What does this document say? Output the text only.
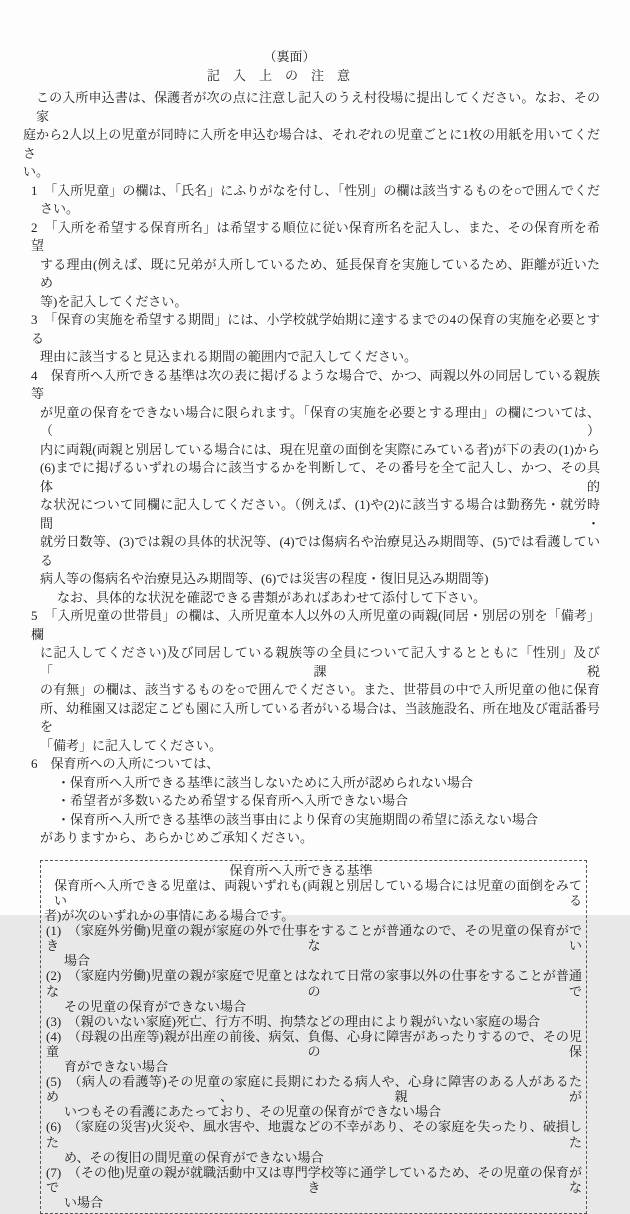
（裏面）
記　入　上　の　注　意
この入所申込書は、保護者が次の点に注意し記入のうえ村役場に提出してください。なお、その家
庭から2人以上の児童が同時に入所を申込む場合は、それぞれの児童ごとに1枚の用紙を用いてくださ
い。
1　「入所児童」の欄は、「氏名」にふりがなを付し、「性別」の欄は該当するものを○で囲んでくだ
さい。
2　「入所を希望する保育所名」は希望する順位に従い保育所名を記入し、また、その保育所を希望
する理由(例えば、既に兄弟が入所しているため、延長保育を実施しているため、距離が近いため
等)を記入してください。
3　「保育の実施を希望する期間」には、小学校就学始期に達するまでの4の保育の実施を必要とする
理由に該当すると見込まれる期間の範囲内で記入してください。
4　保育所へ入所できる基準は次の表に掲げるような場合で、かつ、両親以外の同居している親族等
が児童の保育をできない場合に限られます。「保育の実施を必要とする理由」の欄については、（　）
内に両親(両親と別居している場合には、現在児童の面倒を実際にみている者)が下の表の(1)から
(6)までに掲げるいずれの場合に該当するかを判断して、その番号を全て記入し、かつ、その具体的
な状況について同欄に記入してください。（例えば、(1)や(2)に該当する場合は勤務先・就労時間・
就労日数等、(3)では親の具体的状況等、(4)では傷病名や治療見込み期間等、(5)では看護している
病人等の傷病名や治療見込み期間等、(6)では災害の程度・復旧見込み期間等)
なお、具体的な状況を確認できる書類があればあわせて添付して下さい。
5　「入所児童の世帯員」の欄は、入所児童本人以外の入所児童の両親(同居・別居の別を「備考」欄
に記入してください)及び同居している親族等の全員について記入するとともに「性別」及び「課税
の有無」の欄は、該当するものを○で囲んでください。また、世帯員の中で入所児童の他に保育
所、幼稚園又は認定こども園に入所している者がいる場合は、当該施設名、所在地及び電話番号を
「備考」に記入してください。
6　保育所への入所については、
・保育所へ入所できる基準に該当しないために入所が認められない場合
・希望者が多数いるため希望する保育所へ入所できない場合
・保育所へ入所できる基準の該当事由により保育の実施期間の希望に添えない場合
がありますから、あらかじめご承知ください。
保育所へ入所できる基準
保育所へ入所できる児童は、両親いずれも(両親と別居している場合には児童の面倒をみている
者)が次のいずれかの事情にある場合です。
(1)　（家庭外労働)児童の親が家庭の外で仕事をすることが普通なので、その児童の保育ができない
場合
(2)　（家庭内労働)児童の親が家庭で児童とはなれて日常の家事以外の仕事をすることが普通なので
その児童の保育ができない場合
(3)　（親のいない家庭)死亡、行方不明、拘禁などの理由により親がいない家庭の場合
(4)　（母親の出産等)親が出産の前後、病気、負傷、心身に障害があったりするので、その児童の保
育ができない場合
(5)　（病人の看護等)その児童の家庭に長期にわたる病人や、心身に障害のある人があるため、親が
いつもその看護にあたっており、その児童の保育ができない場合
(6)　（家庭の災害)火災や、風水害や、地震などの不幸があり、その家庭を失ったり、破損したた
め、その復旧の間児童の保育ができない場合
(7)　（その他)児童の親が就職活動中又は専門学校等に通学しているため、その児童の保育ができな
い場合
